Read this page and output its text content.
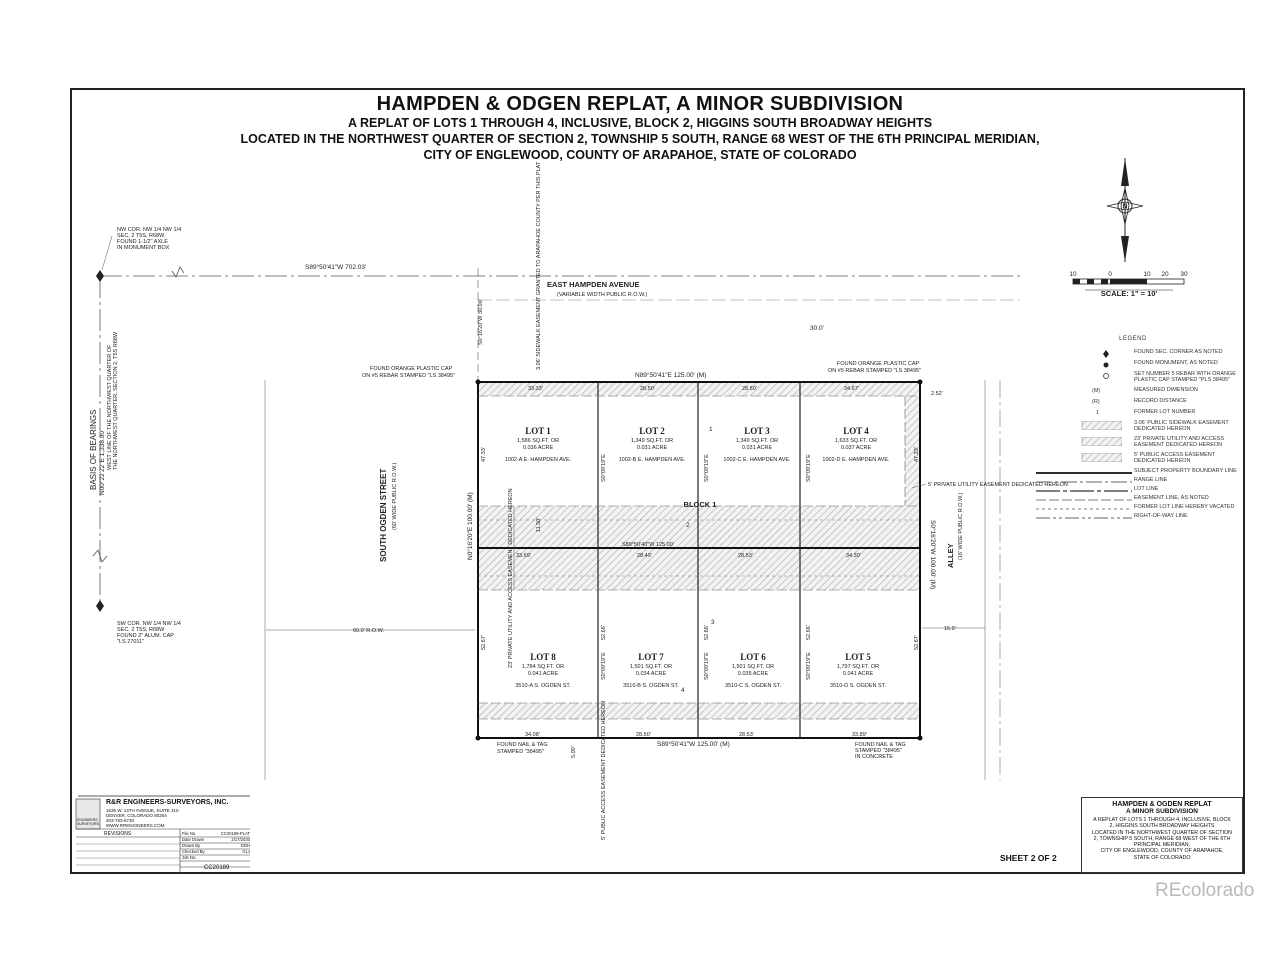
HAMPDEN & ODGEN REPLAT, A MINOR SUBDIVISION
A REPLAT OF LOTS 1 THROUGH 4, INCLUSIVE, BLOCK 2, HIGGINS SOUTH BROADWAY HEIGHTS
LOCATED IN THE NORTHWEST QUARTER OF SECTION 2, TOWNSHIP 5 SOUTH, RANGE 68 WEST OF THE 6TH PRINCIPAL MERIDIAN,
CITY OF ENGLEWOOD, COUNTY OF ARAPAHOE, STATE OF COLORADO
N
10	0	10 20 30
SCALE: 1" = 10'
S89°50'41"W 702.03'
EAST HAMPDEN AVENUE
(VARIABLE WIDTH PUBLIC R.O.W.)
30.0'
S0°16'20"W 30.00'	3.06' SIDEWALK EASEMENT GRANTED TO ARAPAHOE COUNTY PER THIS PLAT
NW COR. NW 1/4 NW 1/4
SEC. 2 T5S, R68W
FOUND 1-1/2" AXLE
IN MONUMENT BOX
SW COR. NW 1/4 NW 1/4
SEC. 2 T5S, R68W
FOUND 2" ALUM. CAP
"LS 27011"
BASIS OF BEARINGS N00°22'22"E 1,338.90' WEST LINE OF THE NORTHWEST QUARTER OF THE NORTHWEST QUARTER, SECTION 2, T5S R68W
SOUTH OGDEN STREET (60' WIDE PUBLIC R.O.W.)
60.0' R.O.W.
ALLEY (16' WIDE PUBLIC R.O.W.)
16.0'
N89°50'41"E 125.00' (M)
S89°50'40"W 125.00'
S89°50'41"W 125.00' (M)
N0°16'20"E 100.00' (M)	S0°16'20"W 100.00' (M)
33.33'	28.50'	28.50'	34.67'
33.69'	28.49'	28.53'	34.30'
34.08'	28.50'	28.53'	33.89'
47.33'	47.33'
52.67'	52.67'
52.66'	52.66'	52.66'
11.50'
5.00'
2.52'
S0°09'19"E	S0°09'19"E	S0°09'19"E
S0°09'19"E	S0°09'19"E	S0°09'19"E
LOT 1
1,586 SQ.FT. OR
0.036 ACRE
1002-A E. HAMPDEN AVE.
LOT 2
1,349 SQ.FT. OR
0.031 ACRE
1002-B E. HAMPDEN AVE.
LOT 3
1,349 SQ.FT. OR
0.031 ACRE
1002-C E. HAMPDEN AVE.
LOT 4
1,633 SQ.FT. OR
0.037 ACRE
1002-D E. HAMPDEN AVE.
LOT 8
1,784 SQ.FT. OR
0.041 ACRE
3510-A S. OGDEN ST.
LOT 7
1,501 SQ.FT. OR
0.034 ACRE
3510-B S. OGDEN ST.
LOT 6
1,501 SQ.FT. OR
0.035 ACRE
3510-C S. OGDEN ST.
LOT 5
1,797 SQ.FT. OR
0.041 ACRE
3510-D S. OGDEN ST.
BLOCK 1
1
2
3
4
23' PRIVATE UTILITY AND ACCESS EASEMENT DEDICATED HEREON
5' PRIVATE UTILITY EASEMENT DEDICATED HEREON
5' PUBLIC ACCESS EASEMENT DEDICATED HEREON
FOUND ORANGE PLASTIC CAP
ON #5 REBAR STAMPED "LS 38495"
FOUND ORANGE PLASTIC CAP
ON #5 REBAR STAMPED "LS 38495"
FOUND NAIL & TAG
STAMPED "38495"
FOUND NAIL & TAG
STAMPED "38495"
IN CONCRETE
LEGEND
FOUND SEC. CORNER AS NOTED
FOUND MONUMENT, AS NOTED
SET NUMBER 5 REBAR WITH ORANGE PLASTIC CAP STAMPED "PLS 38495"
(M)	MEASURED DIMENSION
(R)	RECORD DISTANCE
1	FORMER LOT NUMBER
3.06' PUBLIC SIDEWALK EASEMENT DEDICATED HEREON
23' PRIVATE UTILITY AND ACCESS EASEMENT DEDICATED HEREON
5' PUBLIC ACCESS EASEMENT DEDICATED HEREON
SUBJECT PROPERTY BOUNDARY LINE
RANGE LINE
LOT LINE
EASEMENT LINE, AS NOTED
FORMER LOT LINE HEREBY VACATED
RIGHT-OF-WAY LINE
ENGINEERS SURVEYORS
R&R ENGINEERS-SURVEYORS, INC.
1635 W. 13TH AVENUE, SUITE 310
DENVER, COLORADO 80204
303-753-6730
WWW.RRENGINEERS.COM
REVISIONS	File No.	CC20189-PLAT
Date Drawn	2/17/2020
Drawn By	DDH
Checked By	GLJ
Job No.
CC20189
HAMPDEN & OGDEN REPLAT
A MINOR SUBDIVISION
A REPLAT OF LOTS 1 THROUGH 4, INCLUSIVE, BLOCK
2, HIGGINS SOUTH BROADWAY HEIGHTS
LOCATED IN THE NORTHWEST QUARTER OF SECTION
2, TOWNSHIP 5 SOUTH, RANGE 68 WEST OF THE 6TH
PRINCIPAL MERIDIAN,
CITY OF ENGLEWOOD, COUNTY OF ARAPAHOE,
STATE OF COLORADO
SHEET 2 OF 2
REcolorado
